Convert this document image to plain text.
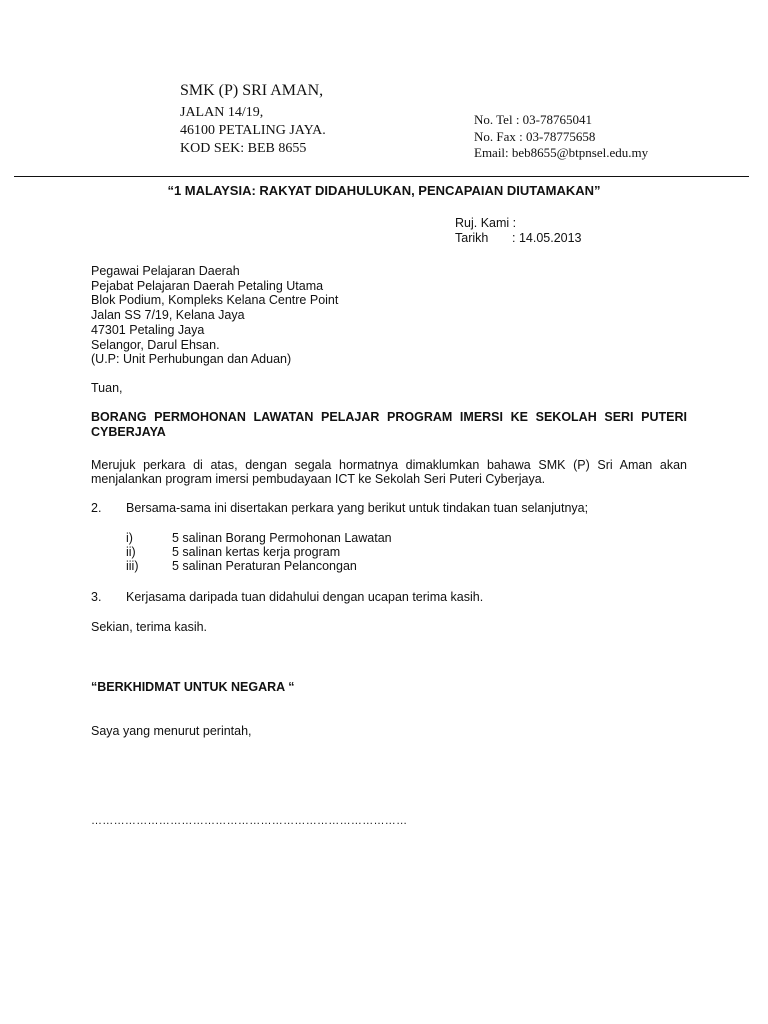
SMK (P) SRI AMAN,
JALAN 14/19,
46100 PETALING JAYA.
KOD SEK: BEB 8655
No. Tel : 03-78765041
No. Fax : 03-78775658
Email: beb8655@btpnsel.edu.my
“1 MALAYSIA: RAKYAT DIDAHULUKAN, PENCAPAIAN DIUTAMAKAN”
Ruj. Kami :
Tarikh : 14.05.2013
Pegawai Pelajaran Daerah
Pejabat Pelajaran Daerah Petaling Utama
Blok Podium, Kompleks Kelana Centre Point
Jalan SS 7/19, Kelana Jaya
47301 Petaling Jaya
Selangor, Darul Ehsan.
(U.P: Unit Perhubungan dan Aduan)
Tuan,
BORANG PERMOHONAN LAWATAN PELAJAR PROGRAM IMERSI KE SEKOLAH SERI PUTERI CYBERJAYA
Merujuk perkara di atas, dengan segala hormatnya dimaklumkan bahawa SMK (P) Sri Aman akan menjalankan program imersi pembudayaan ICT ke Sekolah Seri Puteri Cyberjaya.
2. Bersama-sama ini disertakan perkara yang berikut untuk tindakan tuan selanjutnya;
i)	5 salinan Borang Permohonan Lawatan
ii)	5 salinan kertas kerja program
iii)	5 salinan Peraturan Pelancongan
3. Kerjasama daripada tuan didahului dengan ucapan terima kasih.
Sekian, terima kasih.
“BERKHIDMAT UNTUK NEGARA “
Saya yang menurut perintah,
…………………………………………………………………………
